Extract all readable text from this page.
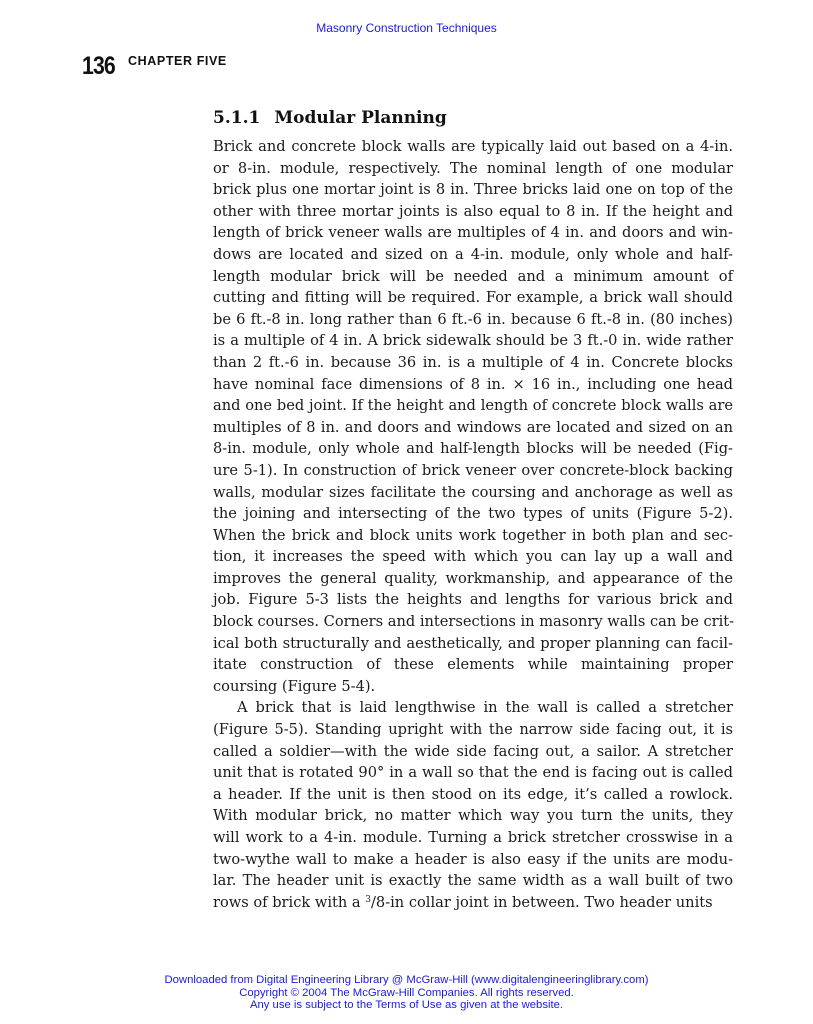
Masonry Construction Techniques
136 CHAPTER FIVE
5.1.1 Modular Planning
Brick and concrete block walls are typically laid out based on a 4-in.
or 8-in. module, respectively. The nominal length of one modular
brick plus one mortar joint is 8 in. Three bricks laid one on top of the
other with three mortar joints is also equal to 8 in. If the height and
length of brick veneer walls are multiples of 4 in. and doors and win-
dows are located and sized on a 4-in. module, only whole and half-
length modular brick will be needed and a minimum amount of
cutting and fitting will be required. For example, a brick wall should
be 6 ft.-8 in. long rather than 6 ft.-6 in. because 6 ft.-8 in. (80 inches)
is a multiple of 4 in. A brick sidewalk should be 3 ft.-0 in. wide rather
than 2 ft.-6 in. because 36 in. is a multiple of 4 in. Concrete blocks
have nominal face dimensions of 8 in. × 16 in., including one head
and one bed joint. If the height and length of concrete block walls are
multiples of 8 in. and doors and windows are located and sized on an
8-in. module, only whole and half-length blocks will be needed (Fig-
ure 5-1). In construction of brick veneer over concrete-block backing
walls, modular sizes facilitate the coursing and anchorage as well as
the joining and intersecting of the two types of units (Figure 5-2).
When the brick and block units work together in both plan and sec-
tion, it increases the speed with which you can lay up a wall and
improves the general quality, workmanship, and appearance of the
job. Figure 5-3 lists the heights and lengths for various brick and
block courses. Corners and intersections in masonry walls can be crit-
ical both structurally and aesthetically, and proper planning can facil-
itate construction of these elements while maintaining proper
coursing (Figure 5-4).
A brick that is laid lengthwise in the wall is called a stretcher
(Figure 5-5). Standing upright with the narrow side facing out, it is
called a soldier—with the wide side facing out, a sailor. A stretcher
unit that is rotated 90° in a wall so that the end is facing out is called
a header. If the unit is then stood on its edge, it’s called a rowlock.
With modular brick, no matter which way you turn the units, they
will work to a 4-in. module. Turning a brick stretcher crosswise in a
two-wythe wall to make a header is also easy if the units are modu-
lar. The header unit is exactly the same width as a wall built of two
rows of brick with a $^3$/8-in collar joint in between. Two header units
Downloaded from Digital Engineering Library @ McGraw-Hill (www.digitalengineeringlibrary.com)
Copyright © 2004 The McGraw-Hill Companies. All rights reserved.
Any use is subject to the Terms of Use as given at the website.
